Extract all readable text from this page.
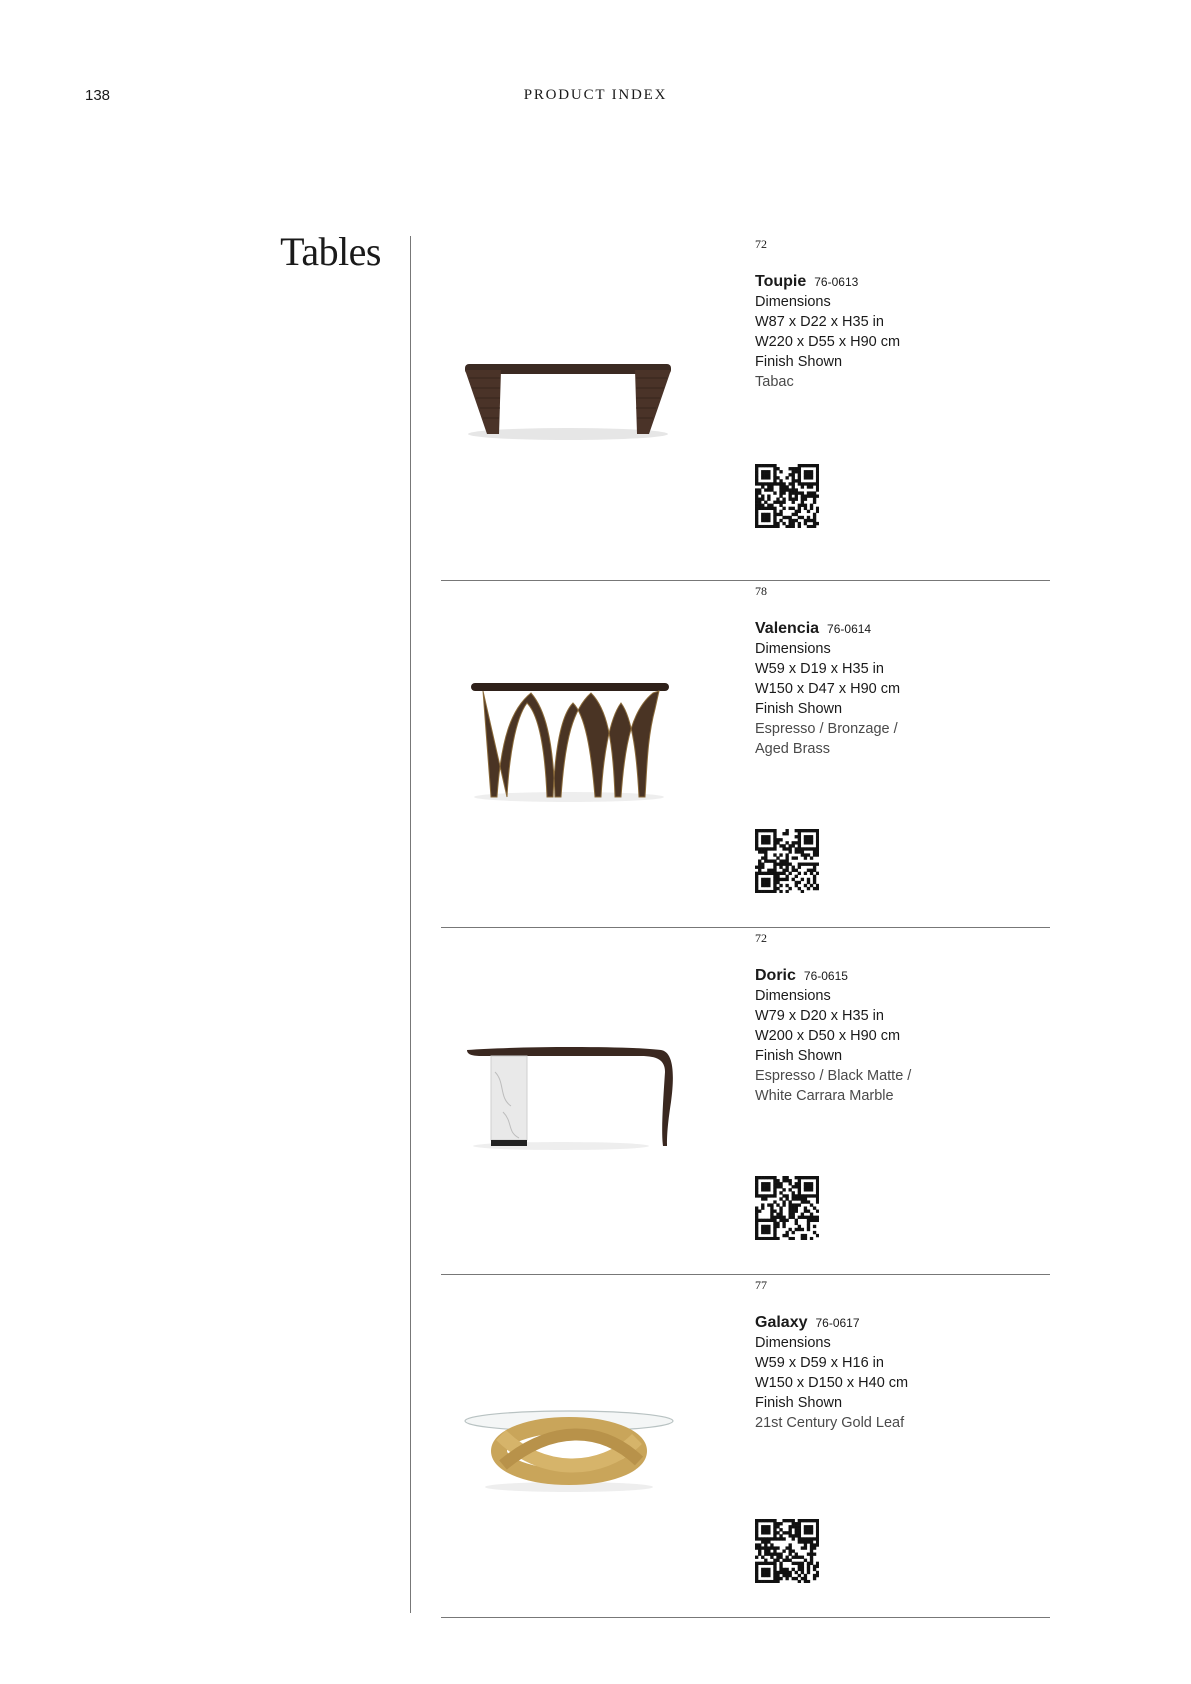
138	PRODUCT INDEX
Tables	72
Toupie 76-0613
Dimensions
W87 x D22 x H35 in
W220 x D55 x H90 cm
Finish Shown
Tabac
78
Valencia 76-0614
Dimensions
W59 x D19 x H35 in
W150 x D47 x H90 cm
Finish Shown
Espresso / Bronzage /
Aged Brass
72
Doric 76-0615
Dimensions
W79 x D20 x H35 in
W200 x D50 x H90 cm
Finish Shown
Espresso / Black Matte /
White Carrara Marble
77
Galaxy 76-0617
Dimensions
W59 x D59 x H16 in
W150 x D150 x H40 cm
Finish Shown
21st Century Gold Leaf
